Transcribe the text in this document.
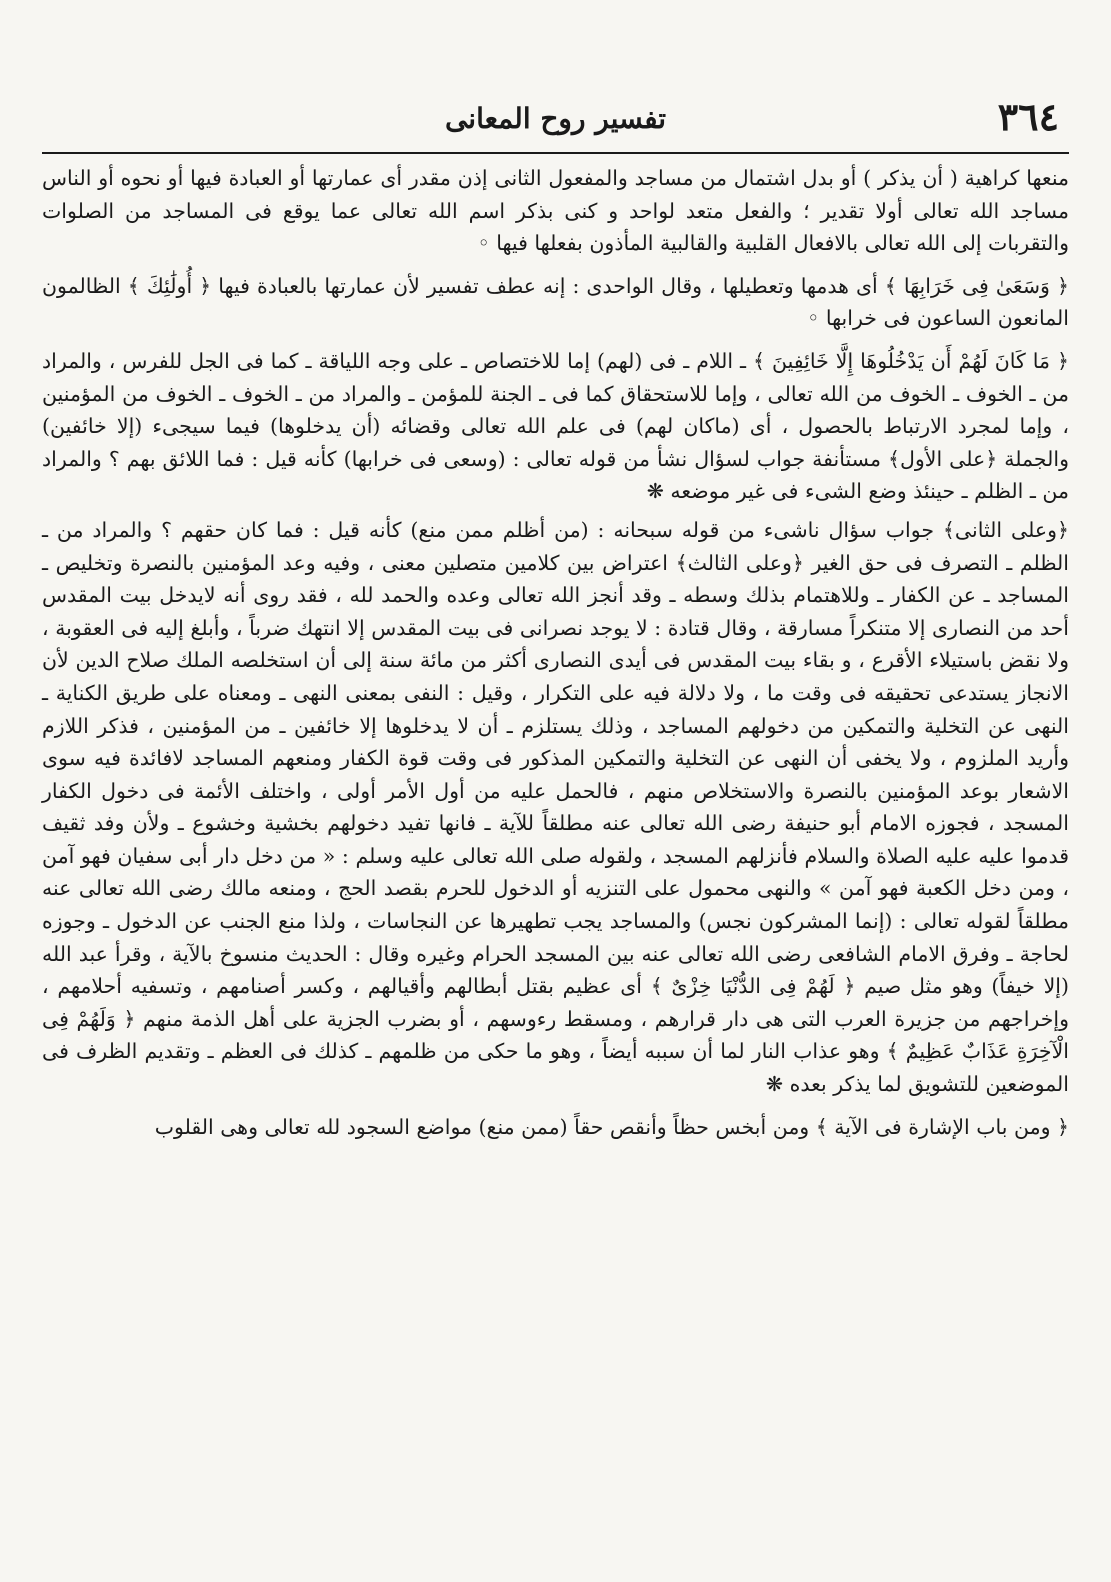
٣٦٤
تفسير روح المعانى

منعها كراهية ( أن يذكر ) أو بدل اشتمال من مساجد والمفعول الثانى إذن مقدر أى عمارتها أو العبادة فيها أو نحوه أو الناس مساجد الله تعالى أولا تقدير ؛ والفعل متعد لواحد و كنى بذكر اسم الله تعالى عما يوقع فى المساجد من الصلوات والتقربات إلى الله تعالى بالافعال القلبية والقالبية المأذون بفعلها فيها ◦

﴿ وَسَعَىٰ فِى خَرَابِهَا ﴾ أى هدمها وتعطيلها ، وقال الواحدى : إنه عطف تفسير لأن عمارتها بالعبادة فيها ﴿ أُولَٰئِكَ ﴾ الظالمون المانعون الساعون فى خرابها ◦

﴿ مَا كَانَ لَهُمْ أَن يَدْخُلُوهَا إِلَّا خَائِفِينَ ﴾ ـ اللام ـ فى (لهم) إما للاختصاص ـ على وجه اللياقة ـ كما فى الجل للفرس ، والمراد من ـ الخوف ـ الخوف من الله تعالى ، وإما للاستحقاق كما فى ـ الجنة للمؤمن ـ والمراد من ـ الخوف ـ الخوف من المؤمنين ، وإما لمجرد الارتباط بالحصول ، أى (ماكان لهم) فى علم الله تعالى وقضائه (أن يدخلوها) فيما سيجىء (إلا خائفين) والجملة ﴿على الأول﴾ مستأنفة جواب لسؤال نشأ من قوله تعالى : (وسعى فى خرابها) كأنه قيل : فما اللائق بهم ؟ والمراد من ـ الظلم ـ حينئذ وضع الشىء فى غير موضعه ❋

﴿وعلى الثانى﴾ جواب سؤال ناشىء من قوله سبحانه : (من أظلم ممن منع) كأنه قيل : فما كان حقهم ؟ والمراد من ـ الظلم ـ التصرف فى حق الغير ﴿وعلى الثالث﴾ اعتراض بين كلامين متصلين معنى ، وفيه وعد المؤمنين بالنصرة وتخليص ـ المساجد ـ عن الكفار ـ وللاهتمام بذلك وسطه ـ وقد أنجز الله تعالى وعده والحمد لله ، فقد روى أنه لايدخل بيت المقدس أحد من النصارى إلا متنكراً مسارقة ، وقال قتادة : لا يوجد نصرانى فى بيت المقدس إلا انتهك ضرباً ، وأبلغ إليه فى العقوبة ، ولا نقض باستيلاء الأقرع ، و بقاء بيت المقدس فى أيدى النصارى أكثر من مائة سنة إلى أن استخلصه الملك صلاح الدين لأن الانجاز يستدعى تحقيقه فى وقت ما ، ولا دلالة فيه على التكرار ، وقيل : النفى بمعنى النهى ـ ومعناه على طريق الكناية ـ النهى عن التخلية والتمكين من دخولهم المساجد ، وذلك يستلزم ـ أن لا يدخلوها إلا خائفين ـ من المؤمنين ، فذكر اللازم وأريد الملزوم ، ولا يخفى أن النهى عن التخلية والتمكين المذكور فى وقت قوة الكفار ومنعهم المساجد لافائدة فيه سوى الاشعار بوعد المؤمنين بالنصرة والاستخلاص منهم ، فالحمل عليه من أول الأمر أولى ، واختلف الأئمة فى دخول الكفار المسجد ، فجوزه الامام أبو حنيفة رضى الله تعالى عنه مطلقاً للآية ـ فانها تفيد دخولهم بخشية وخشوع ـ ولأن وفد ثقيف قدموا عليه عليه الصلاة والسلام فأنزلهم المسجد ، ولقوله صلى الله تعالى عليه وسلم : « من دخل دار أبى سفيان فهو آمن ، ومن دخل الكعبة فهو آمن » والنهى محمول على التنزيه أو الدخول للحرم بقصد الحج ، ومنعه مالك رضى الله تعالى عنه مطلقاً لقوله تعالى : (إنما المشركون نجس) والمساجد يجب تطهيرها عن النجاسات ، ولذا منع الجنب عن الدخول ـ وجوزه لحاجة ـ وفرق الامام الشافعى رضى الله تعالى عنه بين المسجد الحرام وغيره وقال : الحديث منسوخ بالآية ، وقرأ عبد الله (إلا خيفاً) وهو مثل صيم ﴿ لَهُمْ فِى الدُّنْيَا خِزْىٌ ﴾ أى عظيم بقتل أبطالهم وأقيالهم ، وكسر أصنامهم ، وتسفيه أحلامهم ، وإخراجهم من جزيرة العرب التى هى دار قرارهم ، ومسقط رءوسهم ، أو بضرب الجزية على أهل الذمة منهم ﴿ وَلَهُمْ فِى الْآخِرَةِ عَذَابٌ عَظِيمٌ ﴾ وهو عذاب النار لما أن سببه أيضاً ، وهو ما حكى من ظلمهم ـ كذلك فى العظم ـ وتقديم الظرف فى الموضعين للتشويق لما يذكر بعده ❋

﴿ ومن باب الإشارة فى الآية ﴾ ومن أبخس حظاً وأنقص حقاً (ممن منع) مواضع السجود لله تعالى وهى القلوب
